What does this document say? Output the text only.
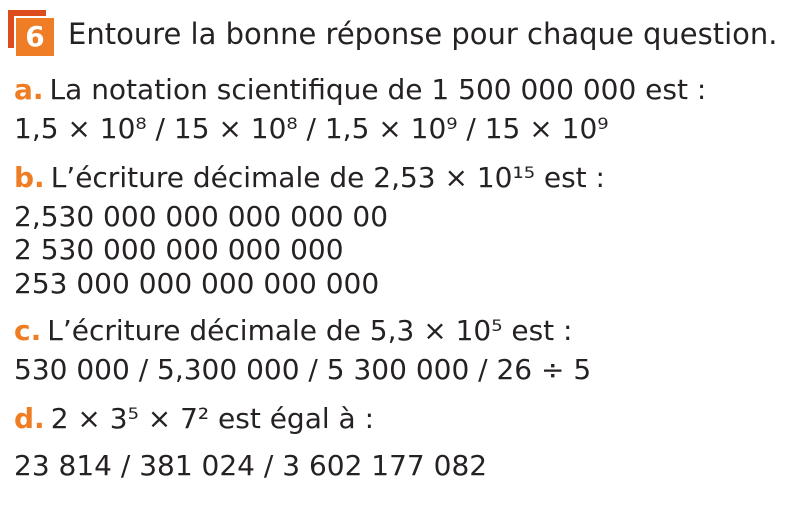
6 Entoure la bonne réponse pour chaque question.

a. La notation scientifique de 1 500 000 000 est :

1,5 × 10⁸ / 15 × 10⁸ / 1,5 × 10⁹ / 15 × 10⁹

b. L’écriture décimale de 2,53 × 10¹⁵ est :

2,530 000 000 000 000 00

2 530 000 000 000 000

253 000 000 000 000 000

c. L’écriture décimale de 5,3 × 10⁵ est :

530 000 / 5,300 000 / 5 300 000 / 26 ÷ 5

d. 2 × 3⁵ × 7² est égal à :

23 814 / 381 024 / 3 602 177 082
